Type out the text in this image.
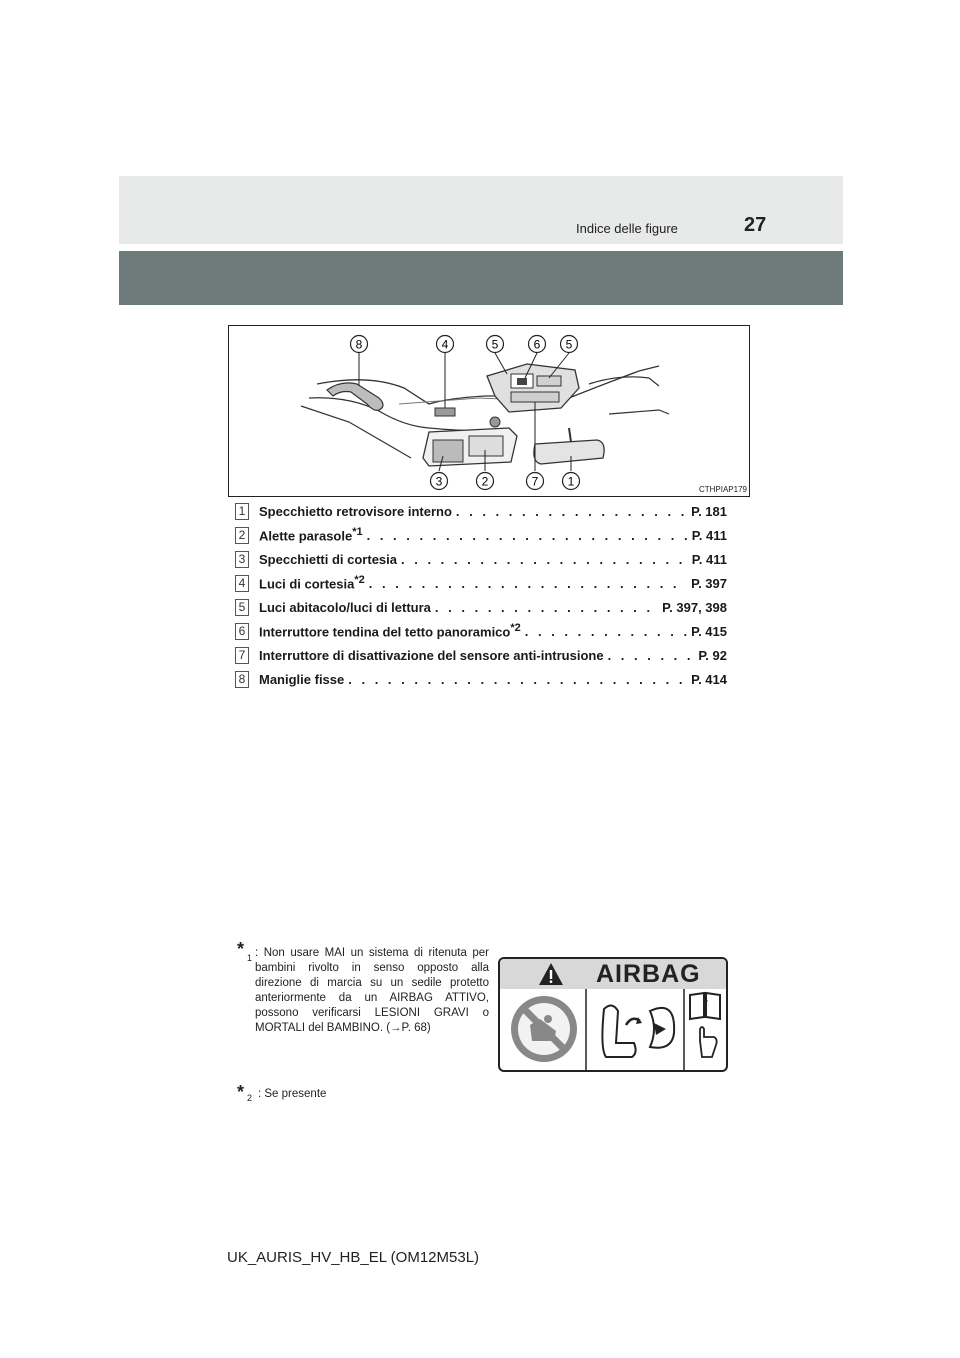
Indice delle figure	27
8	4	5	6 5
3	2	7 1
CTHPIAP179
1 Specchietto retrovisore interno . . .	P. 181
2 Alette parasole$^{*1}$ . . .	P. 411
3 Specchietti di cortesia . . .	P. 411
4 Luci di cortesia$^{*2}$ . . .	P. 397
5 Luci abitacolo/luci di lettura . . .	P. 397, 398
6 Interruttore tendina del tetto panoramico$^{*2}$ . . .	P. 415
7 Interruttore di disattivazione del sensore anti-intrusione . . .	P. 92
8 Maniglie fisse . . .	P. 414
* 1 : Non usare MAI un sistema di ritenuta per bambini rivolto in senso opposto alla direzione di marcia su un sedile protetto anteriormente da un AIRBAG ATTIVO, possono verificarsi LESIONI GRAVI o MORTALI del BAMBINO. (→P. 68)
AIRBAG
* 2 : Se presente
UK_AURIS_HV_HB_EL (OM12M53L)
